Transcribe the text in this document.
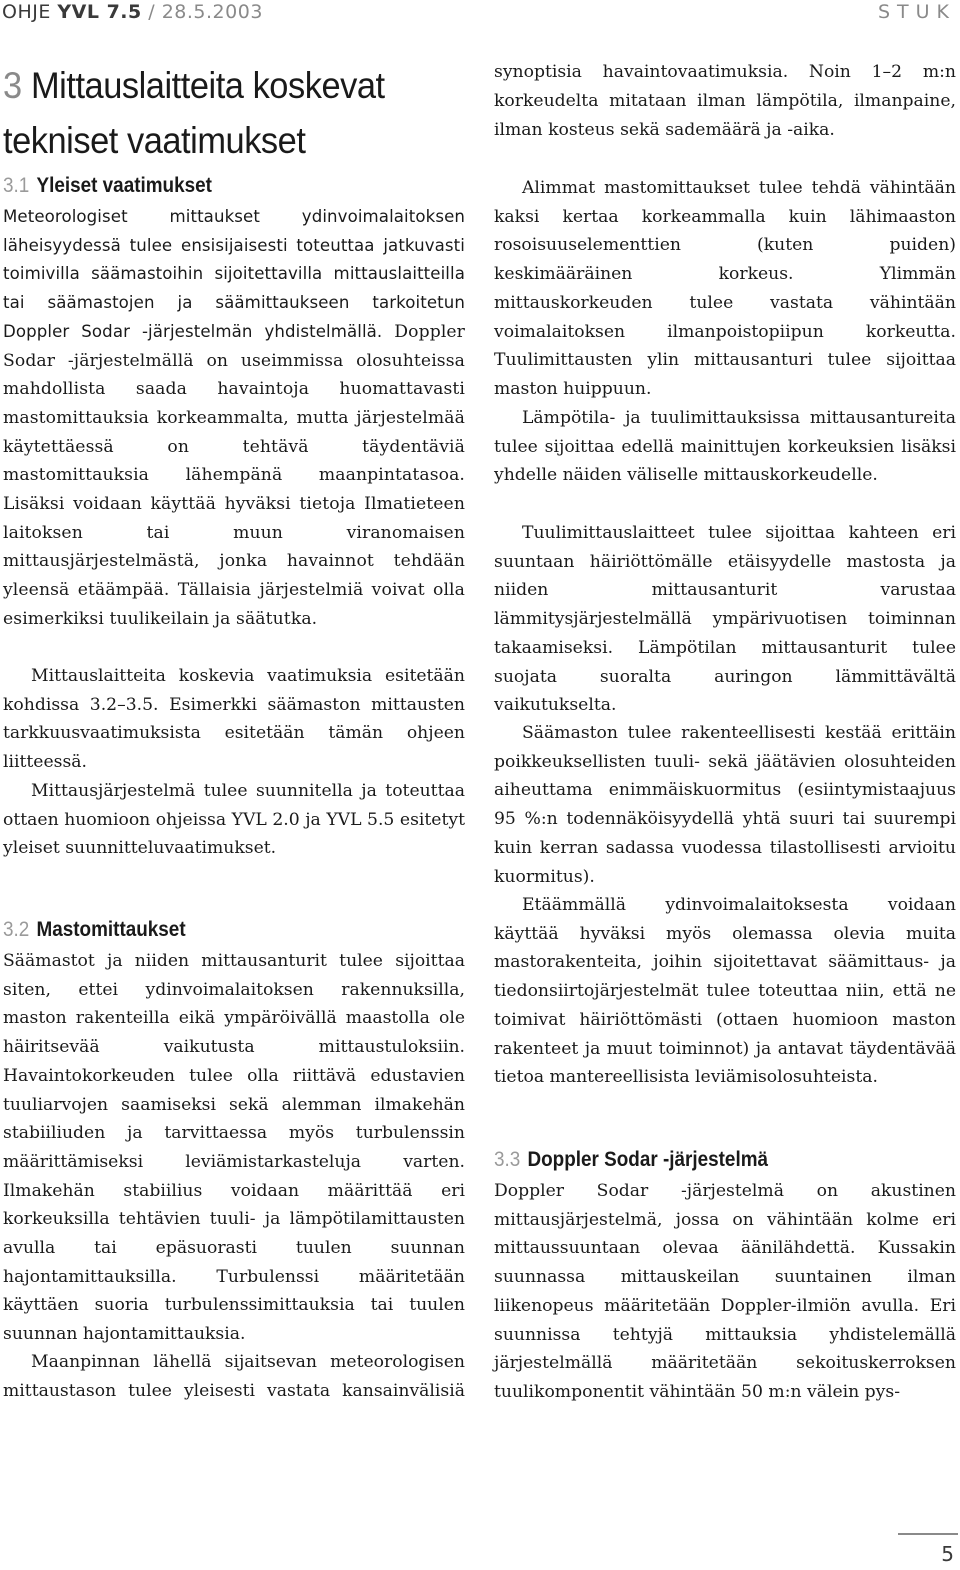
OHJE YVL 7.5 / 28.5.2003	STUK
3 Mittauslaitteita koskevat
tekniset vaatimukset
3.1 Yleiset vaatimukset
Meteorologiset mittaukset ydinvoimalaitoksen läheisyydessä tulee ensisijaisesti toteuttaa jatkuvasti toimivilla säämastoihin sijoitettavilla mittauslaitteilla tai säämastojen ja säämittaukseen tarkoitetun Doppler Sodar -järjestelmän yhdistelmällä. Doppler Sodar -järjestelmällä on useimmissa olosuhteissa mahdollista saada havaintoja huomattavasti mastomittauksia korkeammalta, mutta järjestelmää käytettäessä on tehtävä täydentäviä mastomittauksia lähempänä maanpintatasoa. Lisäksi voidaan käyttää hyväksi tietoja Ilmatieteen laitoksen tai muun viranomaisen mittausjärjestelmästä, jonka havainnot tehdään yleensä etäämpää. Tällaisia järjestelmiä voivat olla esimerkiksi tuulikeilain ja säätutka.
Mittauslaitteita koskevia vaatimuksia esitetään kohdissa 3.2–3.5. Esimerkki säämaston mittausten tarkkuusvaatimuksista esitetään tämän ohjeen liitteessä.
Mittausjärjestelmä tulee suunnitella ja toteuttaa ottaen huomioon ohjeissa YVL 2.0 ja YVL 5.5 esitetyt yleiset suunnitteluvaatimukset.
3.2 Mastomittaukset
Säämastot ja niiden mittausanturit tulee sijoittaa siten, ettei ydinvoimalaitoksen rakennuksilla, maston rakenteilla eikä ympäröivällä maastolla ole häiritsevää vaikutusta mittaustuloksiin. Havaintokorkeuden tulee olla riittävä edustavien tuuliarvojen saamiseksi sekä alemman ilmakehän stabiiliuden ja tarvittaessa myös turbulenssin määrittämiseksi leviämistarkasteluja varten. Ilmakehän stabiilius voidaan määrittää eri korkeuksilla tehtävien tuuli- ja lämpötilamittausten avulla tai epäsuorasti tuulen suunnan hajontamittauksilla. Turbulenssi määritetään käyttäen suoria turbulenssimittauksia tai tuulen suunnan hajontamittauksia.
Maanpinnan lähellä sijaitsevan meteorologisen mittaustason tulee yleisesti vastata kansainvälisiä
synoptisia havaintovaatimuksia. Noin 1–2 m:n korkeudelta mitataan ilman lämpötila, ilmanpaine, ilman kosteus sekä sademäärä ja -aika.
Alimmat mastomittaukset tulee tehdä vähintään kaksi kertaa korkeammalla kuin lähimaaston rosoisuuselementtien (kuten puiden) keskimääräinen korkeus. Ylimmän mittauskorkeuden tulee vastata vähintään voimalaitoksen ilmanpoistopiipun korkeutta. Tuulimittausten ylin mittausanturi tulee sijoittaa maston huippuun.
Lämpötila- ja tuulimittauksissa mittausantureita tulee sijoittaa edellä mainittujen korkeuksien lisäksi yhdelle näiden väliselle mittauskorkeudelle.
Tuulimittauslaitteet tulee sijoittaa kahteen eri suuntaan häiriöttömälle etäisyydelle mastosta ja niiden mittausanturit varustaa lämmitysjärjestelmällä ympärivuotisen toiminnan takaamiseksi. Lämpötilan mittausanturit tulee suojata suoralta auringon lämmittävältä vaikutukselta.
Säämaston tulee rakenteellisesti kestää erittäin poikkeuksellisten tuuli- sekä jäätävien olosuhteiden aiheuttama enimmäiskuormitus (esiintymistaajuus 95 %:n todennäköisyydellä yhtä suuri tai suurempi kuin kerran sadassa vuodessa tilastollisesti arvioitu kuormitus).
Etäämmällä ydinvoimalaitoksesta voidaan käyttää hyväksi myös olemassa olevia muita mastorakenteita, joihin sijoitettavat säämittaus- ja tiedonsiirtojärjestelmät tulee toteuttaa niin, että ne toimivat häiriöttömästi (ottaen huomioon maston rakenteet ja muut toiminnot) ja antavat täydentävää tietoa mantereellisista leviämisolosuhteista.
3.3 Doppler Sodar -järjestelmä
Doppler Sodar -järjestelmä on akustinen mittausjärjestelmä, jossa on vähintään kolme eri mittaussuuntaan olevaa äänilähdettä. Kussakin suunnassa mittauskeilan suuntainen ilman liikenopeus määritetään Doppler-ilmiön avulla. Eri suunnissa tehtyjä mittauksia yhdistelemällä järjestelmällä määritetään sekoituskerroksen tuulikomponentit vähintään 50 m:n välein pys-
5
